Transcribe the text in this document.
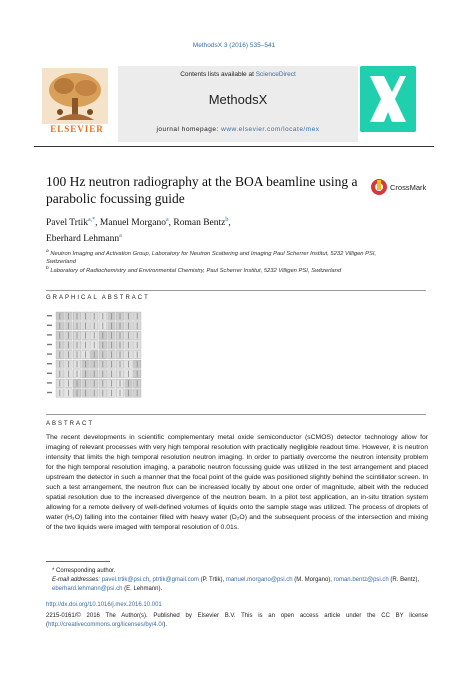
MethodsX 3 (2016) 535–541
Contents lists available at ScienceDirect
MethodsX
journal homepage: www.elsevier.com/locate/mex
ELSEVIER
100 Hz neutron radiography at the BOA beamline using a parabolic focussing guide
CrossMark
Pavel Trtik$^{a,*}$, Manuel Morgano$^a$, Roman Bentz$^b$,
Eberhard Lehmann$^a$
$^a$ Neutron Imaging and Activation Group, Laboratory for Neutron Scattering and Imaging Paul Scherrer Institut, 5232 Villigen PSI, Switzerland
$^b$ Laboratory of Radiochemistry and Environmental Chemistry, Paul Scherrer Institut, 5232 Villigen PSI, Switzerland
GRAPHICAL ABSTRACT
ABSTRACT
The recent developments in scientific complementary metal oxide semiconductor (sCMOS) detector technology allow for imaging of relevant processes with very high temporal resolution with practically negligible readout time. However, it is neutron intensity that limits the high temporal resolution neutron imaging. In order to partially overcome the neutron intensity problem for the high temporal resolution imaging, a parabolic neutron focussing guide was utilized in the test arrangement and placed upstream the detector in such a manner that the focal point of the guide was positioned slightly behind the scintillator screen. In such a test arrangement, the neutron flux can be increased locally by about one order of magnitude, albeit with the reduced spatial resolution due to the increased divergence of the neutron beam. In a pilot test application, an in-situ titration system allowing for a remote delivery of well-defined volumes of liquids onto the sample stage was utilized. The process of droplets of water (H₂O) falling into the container filled with heavy water (D₂O) and the subsequent process of the intersection and mixing of the two liquids were imaged with temporal resolution of 0.01s.
* Corresponding author.
E-mail addresses: pavel.trtik@psi.ch, ptrtik@gmail.com (P. Trtik), manuel.morgano@psi.ch (M. Morgano), roman.bentz@psi.ch (R. Bentz), eberhard.lehmann@psi.ch (E. Lehmann).
http://dx.doi.org/10.1016/j.mex.2016.10.001
2215-0161/© 2016 The Author(s). Published by Elsevier B.V. This is an open access article under the CC BY license (http://creativecommons.org/licenses/by/4.0/).
